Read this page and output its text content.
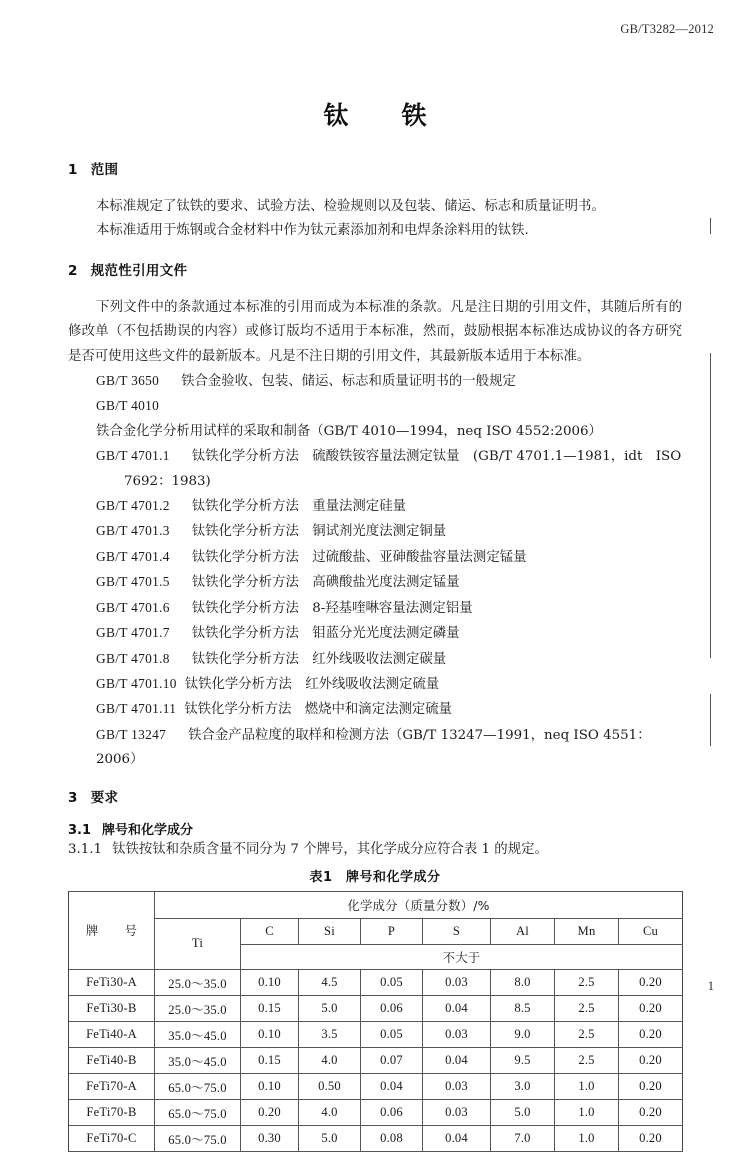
GB/T3282—2012
钛　铁
1 范围

本标准规定了钛铁的要求、试验方法、检验规则以及包装、储运、标志和质量证明书。

本标准适用于炼钢或合金材料中作为钛元素添加剂和电焊条涂料用的钛铁.

2 规范性引用文件

下列文件中的条款通过本标准的引用而成为本标准的条款。凡是注日期的引用文件，其随后所有的修改单（不包括勘误的内容）或修订版均不适用于本标准，然而，鼓励根据本标准达成协议的各方研究是否可使用这些文件的最新版本。凡是不注日期的引用文件，其最新版本适用于本标准。

GB/T 3650 铁合金验收、包装、储运、标志和质量证明书的一般规定
GB/T 4010铁合金化学分析用试样的采取和制备（GB/T 4010—1994，neq ISO 4552:2006）
GB/T 4701.1 钛铁化学分析方法　硫酸铁铵容量法测定钛量　(GB/T 4701.1—1981，idt　ISO 7692：1983)
GB/T 4701.2 钛铁化学分析方法　重量法测定硅量
GB/T 4701.3 钛铁化学分析方法　铜试剂光度法测定铜量
GB/T 4701.4 钛铁化学分析方法　过硫酸盐、亚砷酸盐容量法测定锰量
GB/T 4701.5 钛铁化学分析方法　高碘酸盐光度法测定锰量
GB/T 4701.6 钛铁化学分析方法　8-羟基喹啉容量法测定铝量
GB/T 4701.7 钛铁化学分析方法　钼蓝分光光度法测定磷量
GB/T 4701.8 钛铁化学分析方法　红外线吸收法测定碳量
GB/T 4701.10 钛铁化学分析方法　红外线吸收法测定硫量
GB/T 4701.11 钛铁化学分析方法　燃烧中和滴定法测定硫量
GB/T 13247 铁合金产品粒度的取样和检测方法（GB/T 13247—1991，neq ISO 4551：2006）
3 要求
3.1 牌号和化学成分

3.1.1 钛铁按钛和杂质含量不同分为 7 个牌号，其化学成分应符合表 1 的规定。

表1　牌号和化学成分

牌　号	化学成分（质量分数）/%							
	Ti	C	Si	P	S	Al	Mn	Cu
		不大于						
FeTi30-A	25.0～35.0	0.10	4.5	0.05	0.03	8.0	2.5	0.20
FeTi30-B	25.0～35.0	0.15	5.0	0.06	0.04	8.5	2.5	0.20
FeTi40-A	35.0～45.0	0.10	3.5	0.05	0.03	9.0	2.5	0.20
FeTi40-B	35.0～45.0	0.15	4.0	0.07	0.04	9.5	2.5	0.20
FeTi70-A	65.0～75.0	0.10	0.50	0.04	0.03	3.0	1.0	0.20
FeTi70-B	65.0～75.0	0.20	4.0	0.06	0.03	5.0	1.0	0.20
FeTi70-C	65.0～75.0	0.30	5.0	0.08	0.04	7.0	1.0	0.20
1
